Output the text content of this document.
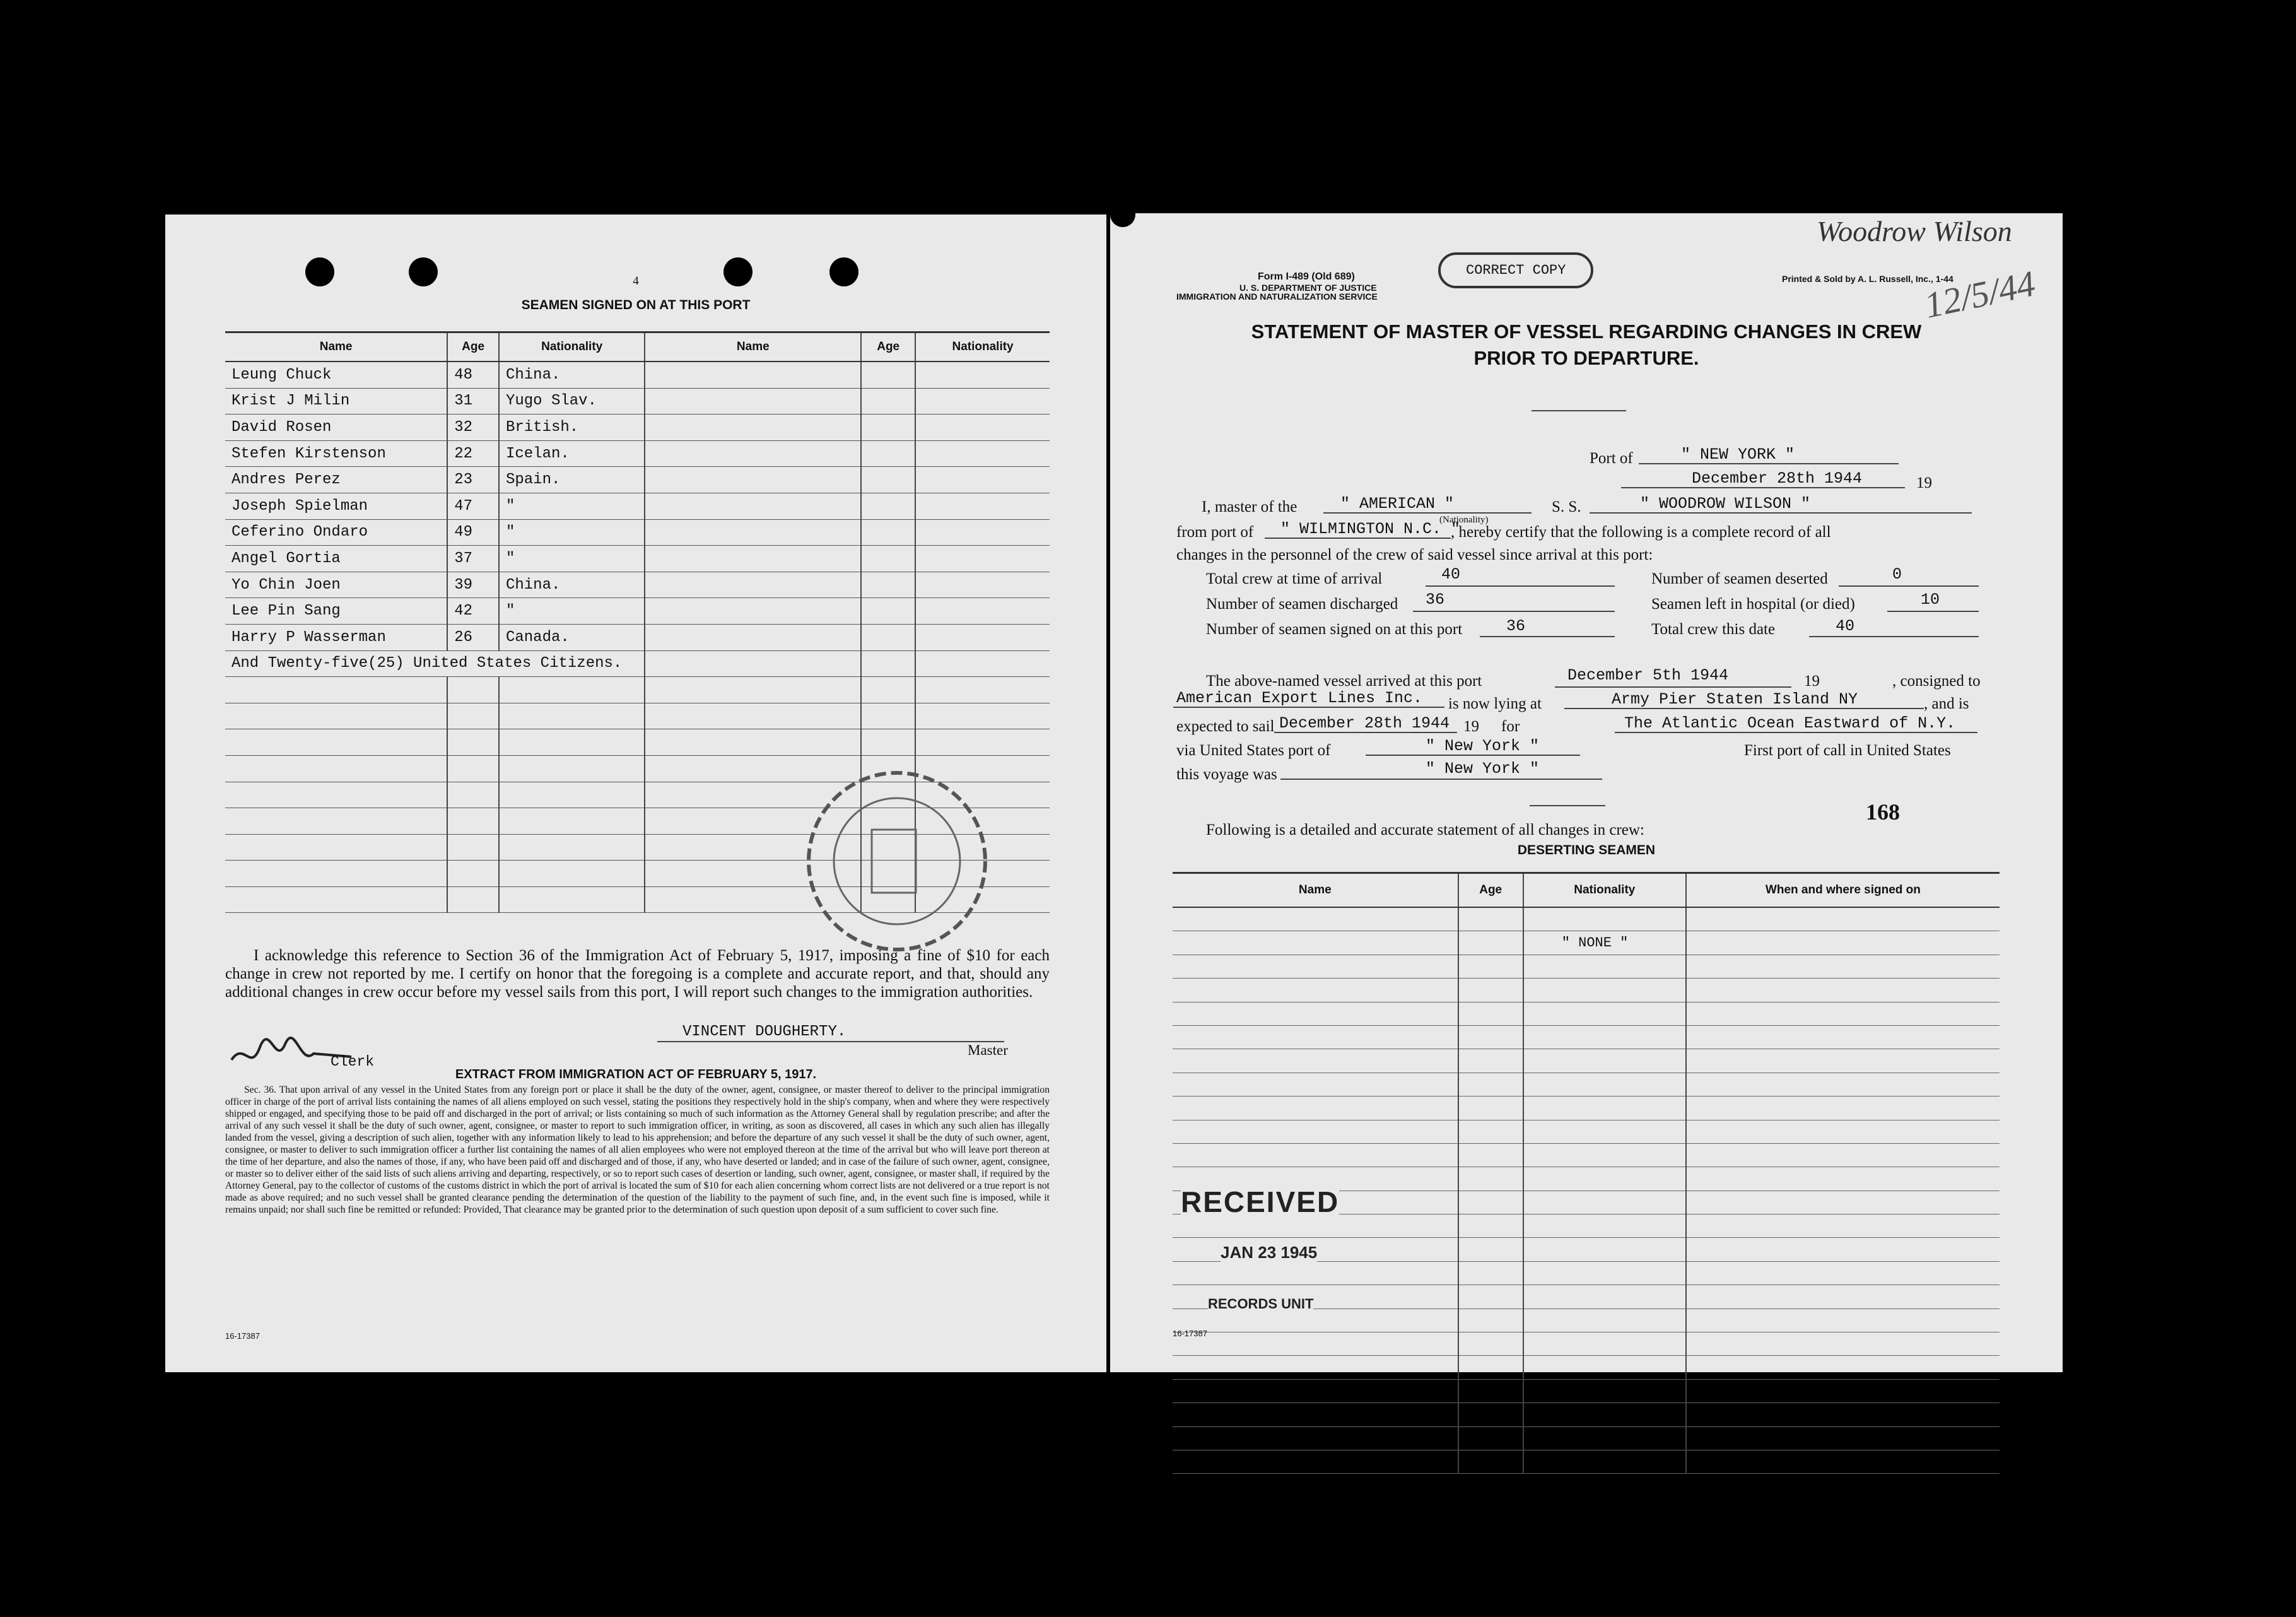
4
SEAMEN SIGNED ON AT THIS PORT
Name	Age	Nationality	Name	Age	Nationality
Leung Chuck	48	China.			
Krist J Milin	31	Yugo Slav.			
David Rosen	32	British.			
Stefen Kirstenson	22	Icelan.			
Andres Perez	23	Spain.			
Joseph Spielman	47	"			
Ceferino Ondaro	49	"			
Angel Gortia	37	"			
Yo Chin Joen	39	China.			
Lee Pin Sang	42	"			
Harry P Wasserman	26	Canada.			
And Twenty-five(25) United States Citizens.					

I acknowledge this reference to Section 36 of the Immigration Act of February 5, 1917, imposing a fine of $10 for each change in crew not reported by me. I certify on honor that the foregoing is a complete and accurate report, and that, should any additional changes in crew occur before my vessel sails from this port, I will report such changes to the immigration authorities.
VINCENT DOUGHERTY.
Master
Clerk
EXTRACT FROM IMMIGRATION ACT OF FEBRUARY 5, 1917.
Sec. 36. That upon arrival of any vessel in the United States from any foreign port or place it shall be the duty of the owner, agent, consignee, or master thereof to deliver to the principal immigration officer in charge of the port of arrival lists containing the names of all aliens employed on such vessel, stating the positions they respectively hold in the ship's company, when and where they were respectively shipped or engaged, and specifying those to be paid off and discharged in the port of arrival; or lists containing so much of such information as the Attorney General shall by regulation prescribe; and after the arrival of any such vessel it shall be the duty of such owner, agent, consignee, or master to report to such immigration officer, in writing, as soon as discovered, all cases in which any such alien has illegally landed from the vessel, giving a description of such alien, together with any information likely to lead to his apprehension; and before the departure of any such vessel it shall be the duty of such owner, agent, consignee, or master to deliver to such immigration officer a further list containing the names of all alien employees who were not employed thereon at the time of the arrival but who will leave port thereon at the time of her departure, and also the names of those, if any, who have been paid off and discharged and of those, if any, who have deserted or landed; and in case of the failure of such owner, agent, consignee, or master so to deliver either of the said lists of such aliens arriving and departing, respectively, or so to report such cases of desertion or landing, such owner, agent, consignee, or master shall, if required by the Attorney General, pay to the collector of customs of the customs district in which the port of arrival is located the sum of $10 for each alien concerning whom correct lists are not delivered or a true report is not made as above required; and no such vessel shall be granted clearance pending the determination of the question of the liability to the payment of such fine, and, in the event such fine is imposed, while it remains unpaid; nor shall such fine be remitted or refunded: Provided, That clearance may be granted prior to the determination of such question upon deposit of a sum sufficient to cover such fine.
16-17387
Form I-489 (Old 689)
U. S. DEPARTMENT OF JUSTICE
IMMIGRATION AND NATURALIZATION SERVICE
CORRECT COPY
Printed & Sold by A. L. Russell, Inc., 1-44
Woodrow Wilson
12/5/44
STATEMENT OF MASTER OF VESSEL REGARDING CHANGES IN CREW
PRIOR TO DEPARTURE.
Port of	" NEW YORK "
December 28th 1944	19
I, master of the	" AMERICAN "
(Nationality)
S. S.	" WOODROW WILSON "
from port of " WILMINGTON N.C. "
, hereby certify that the following is a complete record of all
changes in the personnel of the crew of said vessel since arrival at this port:
Total crew at time of arrival	40	Number of seamen deserted	0
Number of seamen discharged 36	Seamen left in hospital (or died)	10
Number of seamen signed on at this port	36	Total crew this date	40
The above-named vessel arrived at this port	December 5th 1944	19	, consigned to
American Export Lines Inc. is now lying at	Army Pier Staten Island NY	, and is
expected to sail December 28th 1944 19 for	The Atlantic Ocean Eastward of N.Y.
via United States port of	" New York "	First port of call in United States
this voyage was	" New York "
168
Following is a detailed and accurate statement of all changes in crew:
DESERTING SEAMEN
Name	Age	Nationality	When and where signed on

		" NONE "	

RECEIVED
JAN 23 1945
RECORDS UNIT
16-17387
